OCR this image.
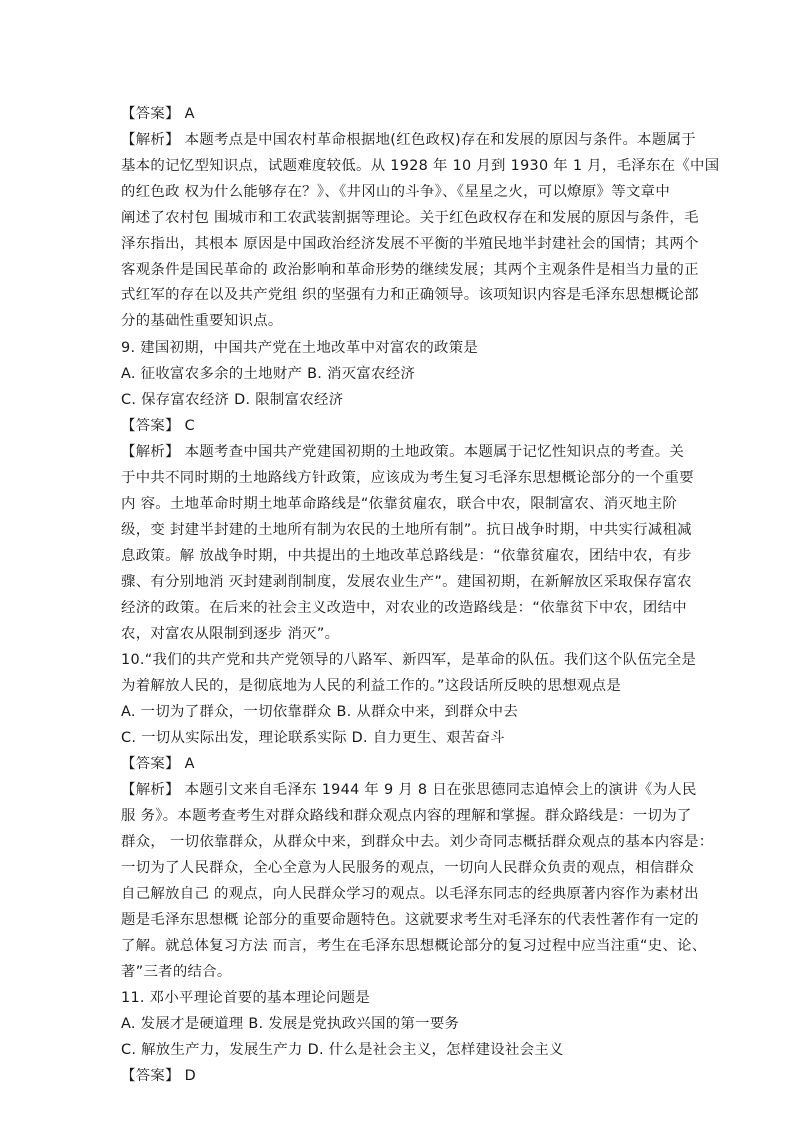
【答案】 A
【解析】 本题考点是中国农村革命根据地(红色政权)存在和发展的原因与条件。本题属于
基本的记忆型知识点，试题难度较低。从 1928 年 10 月到 1930 年 1 月，毛泽东在《中国
的红色政 权为什么能够存在？》、《井冈山的斗争》、《星星之火，可以燎原》等文章中
阐述了农村包 围城市和工农武装割据等理论。关于红色政权存在和发展的原因与条件，毛
泽东指出，其根本 原因是中国政治经济发展不平衡的半殖民地半封建社会的国情；其两个
客观条件是国民革命的 政治影响和革命形势的继续发展；其两个主观条件是相当力量的正
式红军的存在以及共产党组 织的坚强有力和正确领导。该项知识内容是毛泽东思想概论部
分的基础性重要知识点。
9. 建国初期，中国共产党在土地改革中对富农的政策是
A. 征收富农多余的土地财产 B. 消灭富农经济
C. 保存富农经济 D. 限制富农经济
【答案】 C
【解析】 本题考查中国共产党建国初期的土地政策。本题属于记忆性知识点的考查。关
于中共不同时期的土地路线方针政策，应该成为考生复习毛泽东思想概论部分的一个重要
内 容。土地革命时期土地革命路线是“依靠贫雇农，联合中农，限制富农、消灭地主阶
级，变 封建半封建的土地所有制为农民的土地所有制”。抗日战争时期，中共实行减租减
息政策。解 放战争时期，中共提出的土地改革总路线是：“依靠贫雇农，团结中农，有步
骤、有分别地消 灭封建剥削制度，发展农业生产”。建国初期，在新解放区采取保存富农
经济的政策。在后来的社会主义改造中，对农业的改造路线是：“依靠贫下中农，团结中
农，对富农从限制到逐步 消灭”。
10.“我们的共产党和共产党领导的八路军、新四军，是革命的队伍。我们这个队伍完全是
为着解放人民的，是彻底地为人民的利益工作的。”这段话所反映的思想观点是
A. 一切为了群众，一切依靠群众 B. 从群众中来，到群众中去
C. 一切从实际出发，理论联系实际 D. 自力更生、艰苦奋斗
【答案】 A
【解析】 本题引文来自毛泽东 1944 年 9 月 8 日在张思德同志追悼会上的演讲《为人民
服 务》。本题考查考生对群众路线和群众观点内容的理解和掌握。群众路线是：一切为了
群众， 一切依靠群众，从群众中来，到群众中去。刘少奇同志概括群众观点的基本内容是：
一切为了人民群众，全心全意为人民服务的观点，一切向人民群众负责的观点，相信群众
自己解放自己 的观点，向人民群众学习的观点。以毛泽东同志的经典原著内容作为素材出
题是毛泽东思想概 论部分的重要命题特色。这就要求考生对毛泽东的代表性著作有一定的
了解。就总体复习方法 而言，考生在毛泽东思想概论部分的复习过程中应当注重“史、论、
著”三者的结合。
11. 邓小平理论首要的基本理论问题是
A. 发展才是硬道理 B. 发展是党执政兴国的第一要务
C. 解放生产力，发展生产力 D. 什么是社会主义，怎样建设社会主义
【答案】 D
